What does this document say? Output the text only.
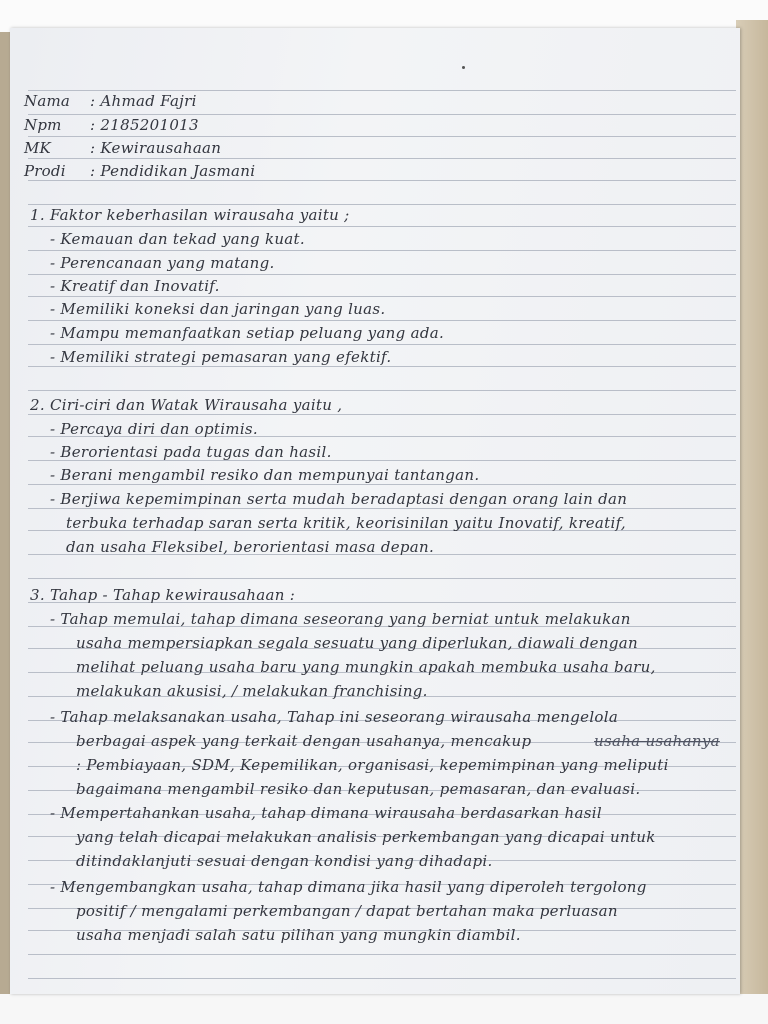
Nama : Ahmad Fajri

Npm : 2185201013

MK	: Kewirausahaan

Prodi : Pendidikan Jasmani

1. Faktor keberhasilan wirausaha yaitu ;

- Kemauan dan tekad yang kuat.

- Perencanaan yang matang.

- Kreatif dan Inovatif.

- Memiliki koneksi dan jaringan yang luas.

- Mampu memanfaatkan setiap peluang yang ada.

- Memiliki strategi pemasaran yang efektif.

2. Ciri-ciri dan Watak Wirausaha yaitu ,

- Percaya diri dan optimis.

- Berorientasi pada tugas dan hasil.

- Berani mengambil resiko dan mempunyai tantangan.

- Berjiwa kepemimpinan serta mudah beradaptasi dengan orang lain dan

terbuka terhadap saran serta kritik, keorisinilan yaitu Inovatif, kreatif,

dan usaha Fleksibel, berorientasi masa depan.

3. Tahap - Tahap kewirausahaan :

- Tahap memulai, tahap dimana seseorang yang berniat untuk melakukan

usaha mempersiapkan segala sesuatu yang diperlukan, diawali dengan

melihat peluang usaha baru yang mungkin apakah membuka usaha baru,

melakukan akusisi, / melakukan franchising.

- Tahap melaksanakan usaha, Tahap ini seseorang wirausaha mengelola

berbagai aspek yang terkait dengan usahanya, mencakup	usaha usahanya

: Pembiayaan, SDM, Kepemilikan, organisasi, kepemimpinan yang meliputi

bagaimana mengambil resiko dan keputusan, pemasaran, dan evaluasi.

- Mempertahankan usaha, tahap dimana wirausaha berdasarkan hasil

yang telah dicapai melakukan analisis perkembangan yang dicapai untuk

ditindaklanjuti sesuai dengan kondisi yang dihadapi.

- Mengembangkan usaha, tahap dimana jika hasil yang diperoleh tergolong

positif / mengalami perkembangan / dapat bertahan maka perluasan

usaha menjadi salah satu pilihan yang mungkin diambil.
